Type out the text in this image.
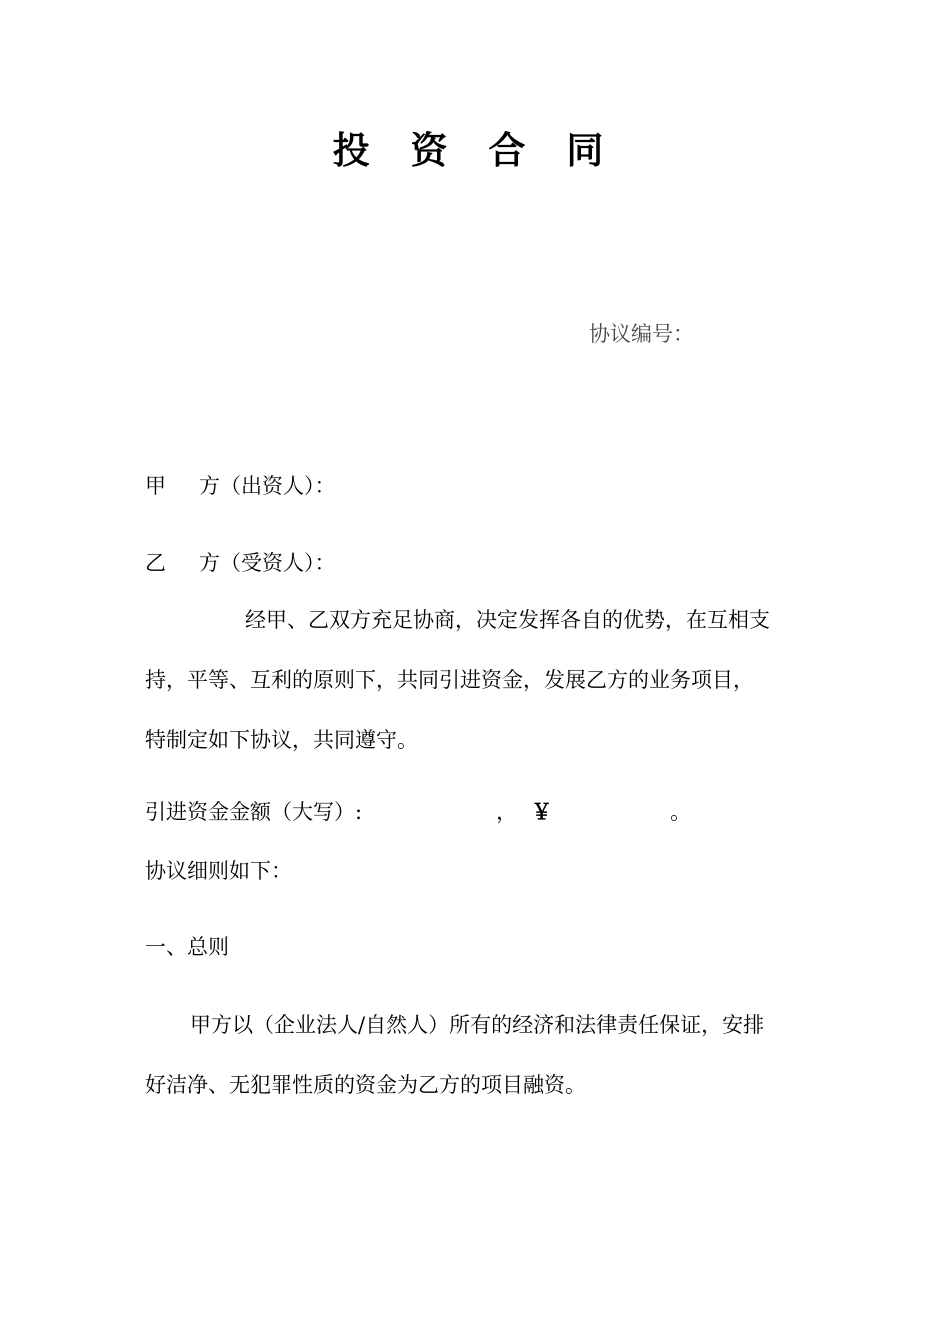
投 资 合 同
协议编号：
甲 方（出资人）：
乙 方（受资人）：
经甲、乙双方充足协商，决定发挥各自的优势，在互相支
持，平等、互利的原则下，共同引进资金，发展乙方的业务项目，
特制定如下协议，共同遵守。
引进资金金额（大写）:	， ￥	。
协议细则如下：
一、总则
甲方以（企业法人/自然人）所有的经济和法律责任保证，安排
好洁净、无犯罪性质的资金为乙方的项目融资。
